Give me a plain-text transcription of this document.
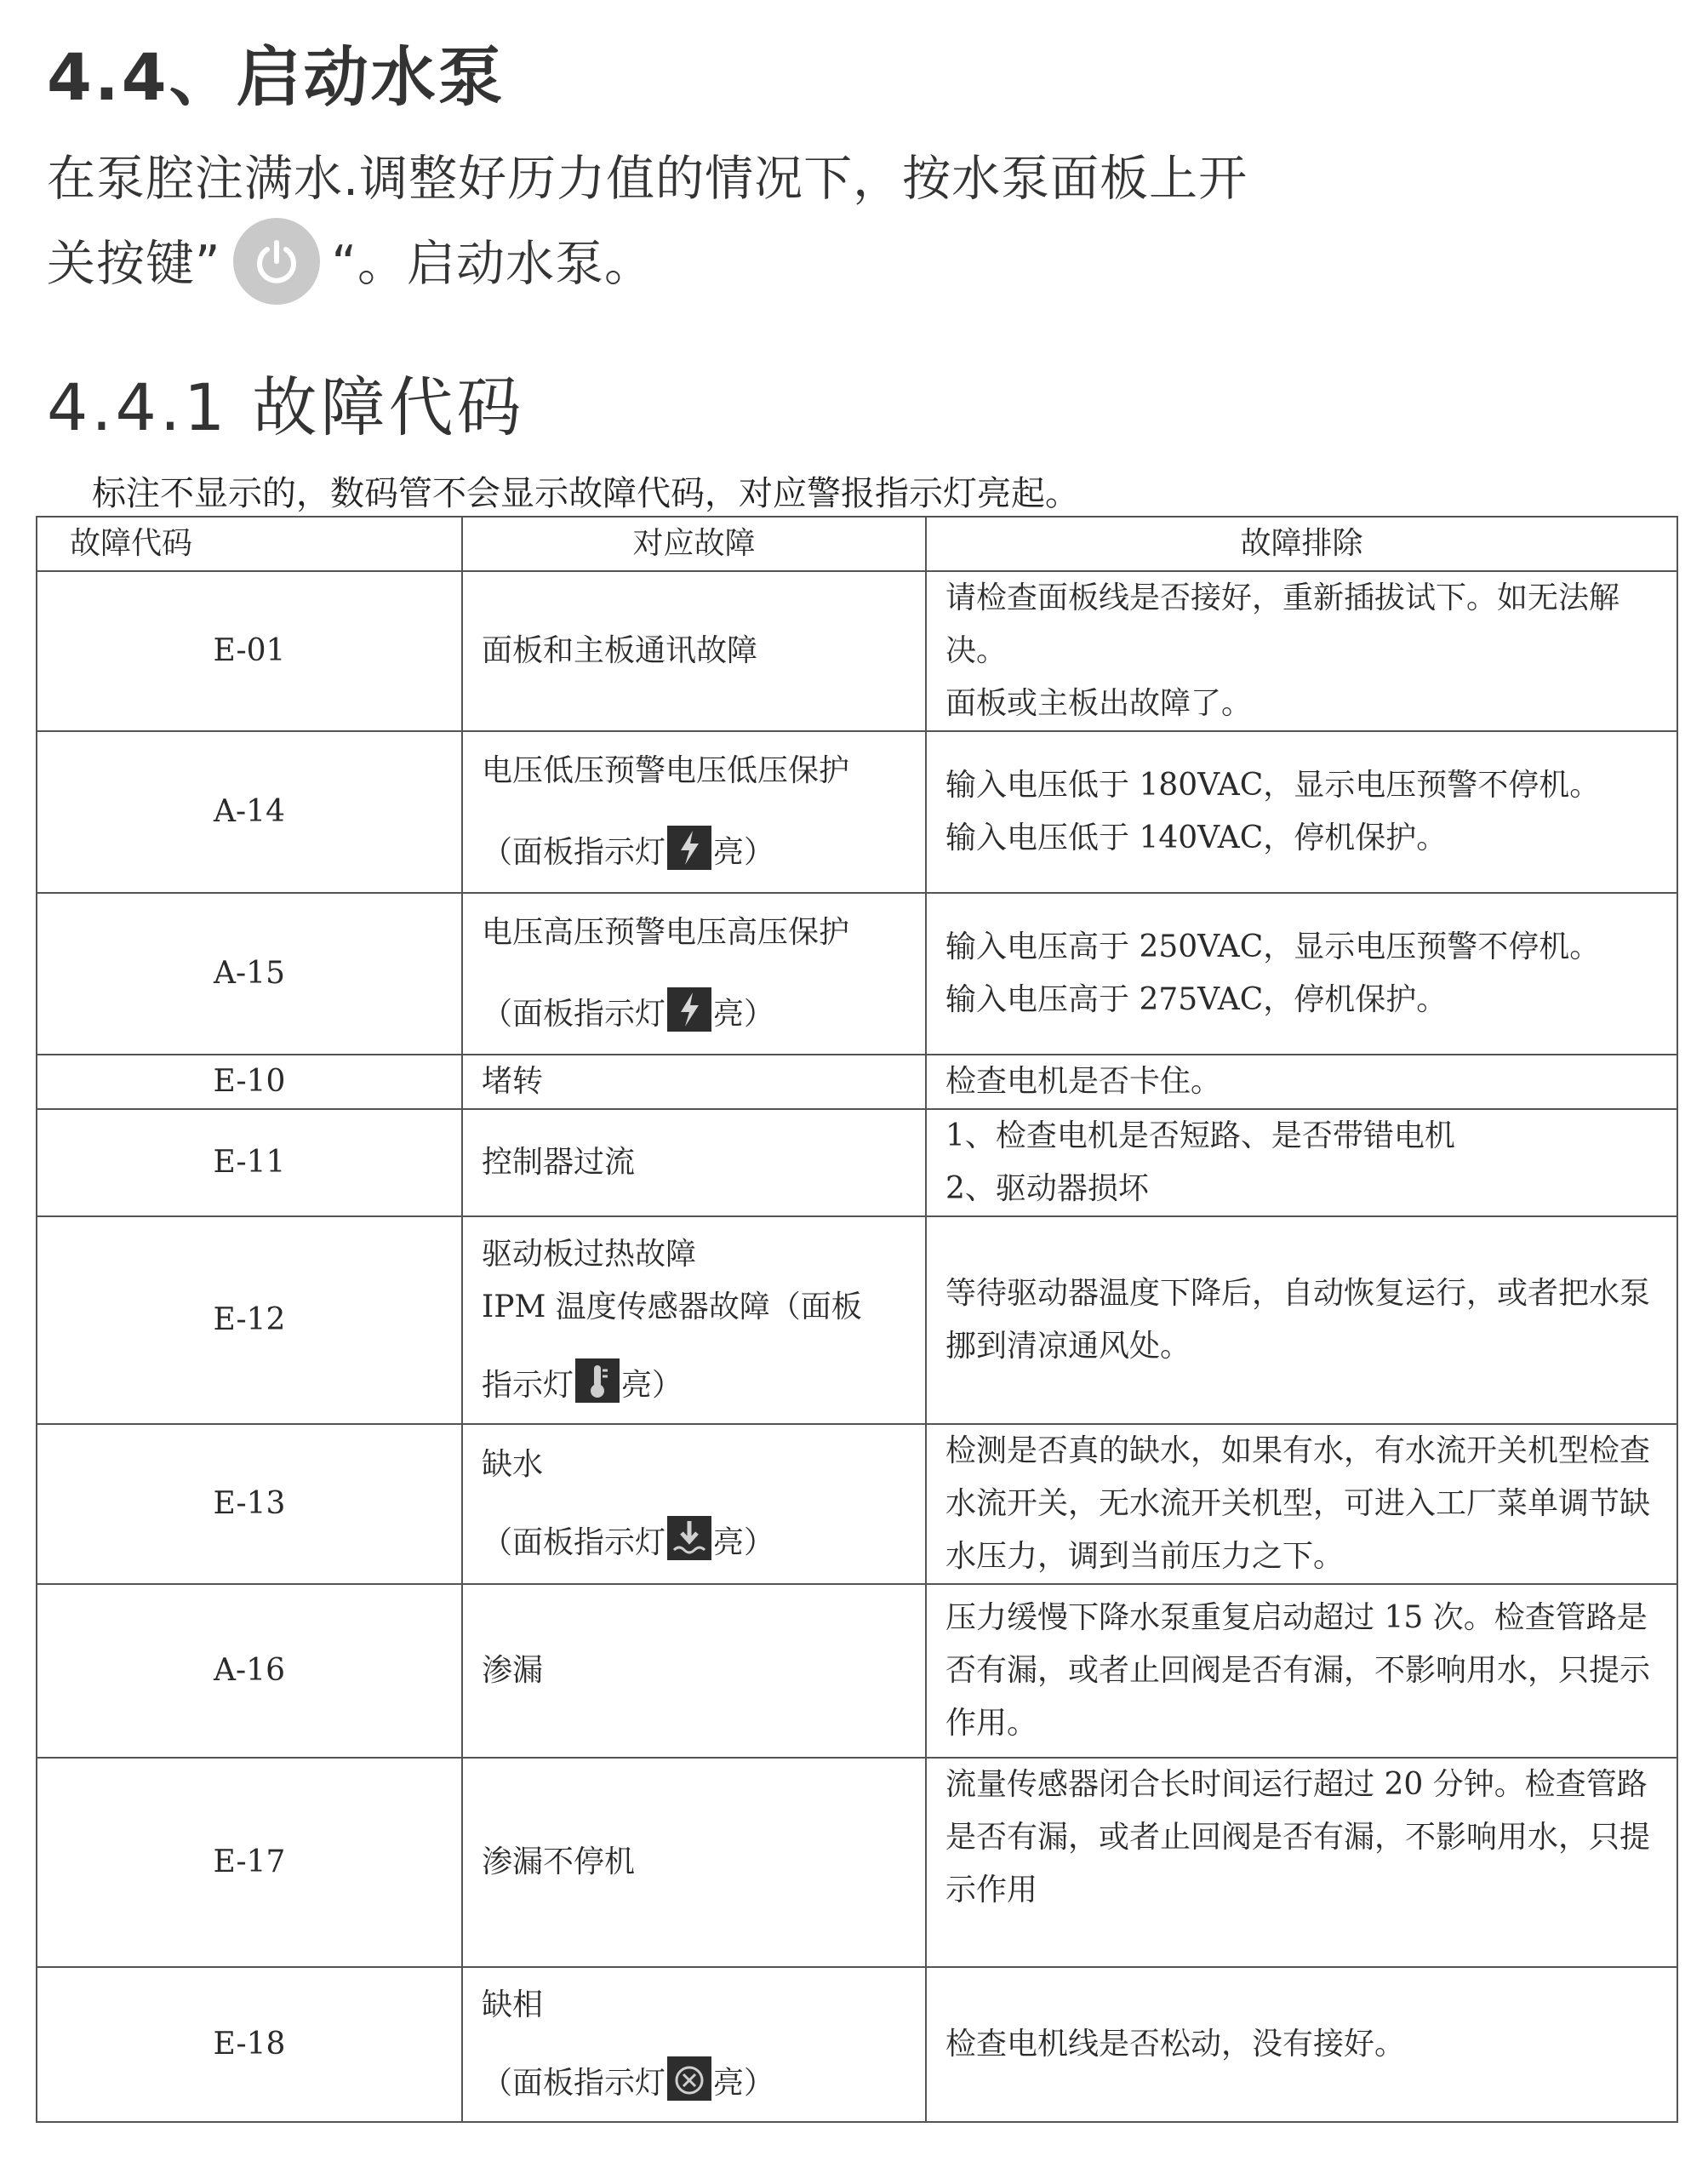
4.4、启动水泵
在泵腔注满水.调整好历力值的情况下，按水泵面板上开
关按键” “。启动水泵。
4.4.1 故障代码
标注不显示的，数码管不会显示故障代码，对应警报指示灯亮起。
故障代码	对应故障	故障排除
E-01	面板和主板通讯故障	请检查面板线是否接好，重新插拔试下。如无法解决。
面板或主板出故障了。

A-14	电压低压预警电压低压保护
（面板指示灯 亮）	输入电压低于 180VAC，显示电压预警不停机。
输入电压低于 140VAC，停机保护。

A-15	电压高压预警电压高压保护
（面板指示灯 亮）	输入电压高于 250VAC，显示电压预警不停机。
输入电压高于 275VAC，停机保护。

E-10	堵转	检查电机是否卡住。

E-11	控制器过流	1、检查电机是否短路、是否带错电机
2、驱动器损坏

E-12	驱动板过热故障
IPM 温度传感器故障（面板
指示灯 亮）	等待驱动器温度下降后，自动恢复运行，或者把水泵挪到清凉通风处。

E-13	缺水
（面板指示灯 亮）	检测是否真的缺水，如果有水，有水流开关机型检查水流开关，无水流开关机型，可进入工厂菜单调节缺水压力，调到当前压力之下。

A-16	渗漏	压力缓慢下降水泵重复启动超过 15 次。检查管路是否有漏，或者止回阀是否有漏，不影响用水，只提示作用。

E-17	渗漏不停机	流量传感器闭合长时间运行超过 20 分钟。检查管路是否有漏，或者止回阀是否有漏，不影响用水，只提示作用

E-18	缺相
（面板指示灯 亮）	检查电机线是否松动，没有接好。
